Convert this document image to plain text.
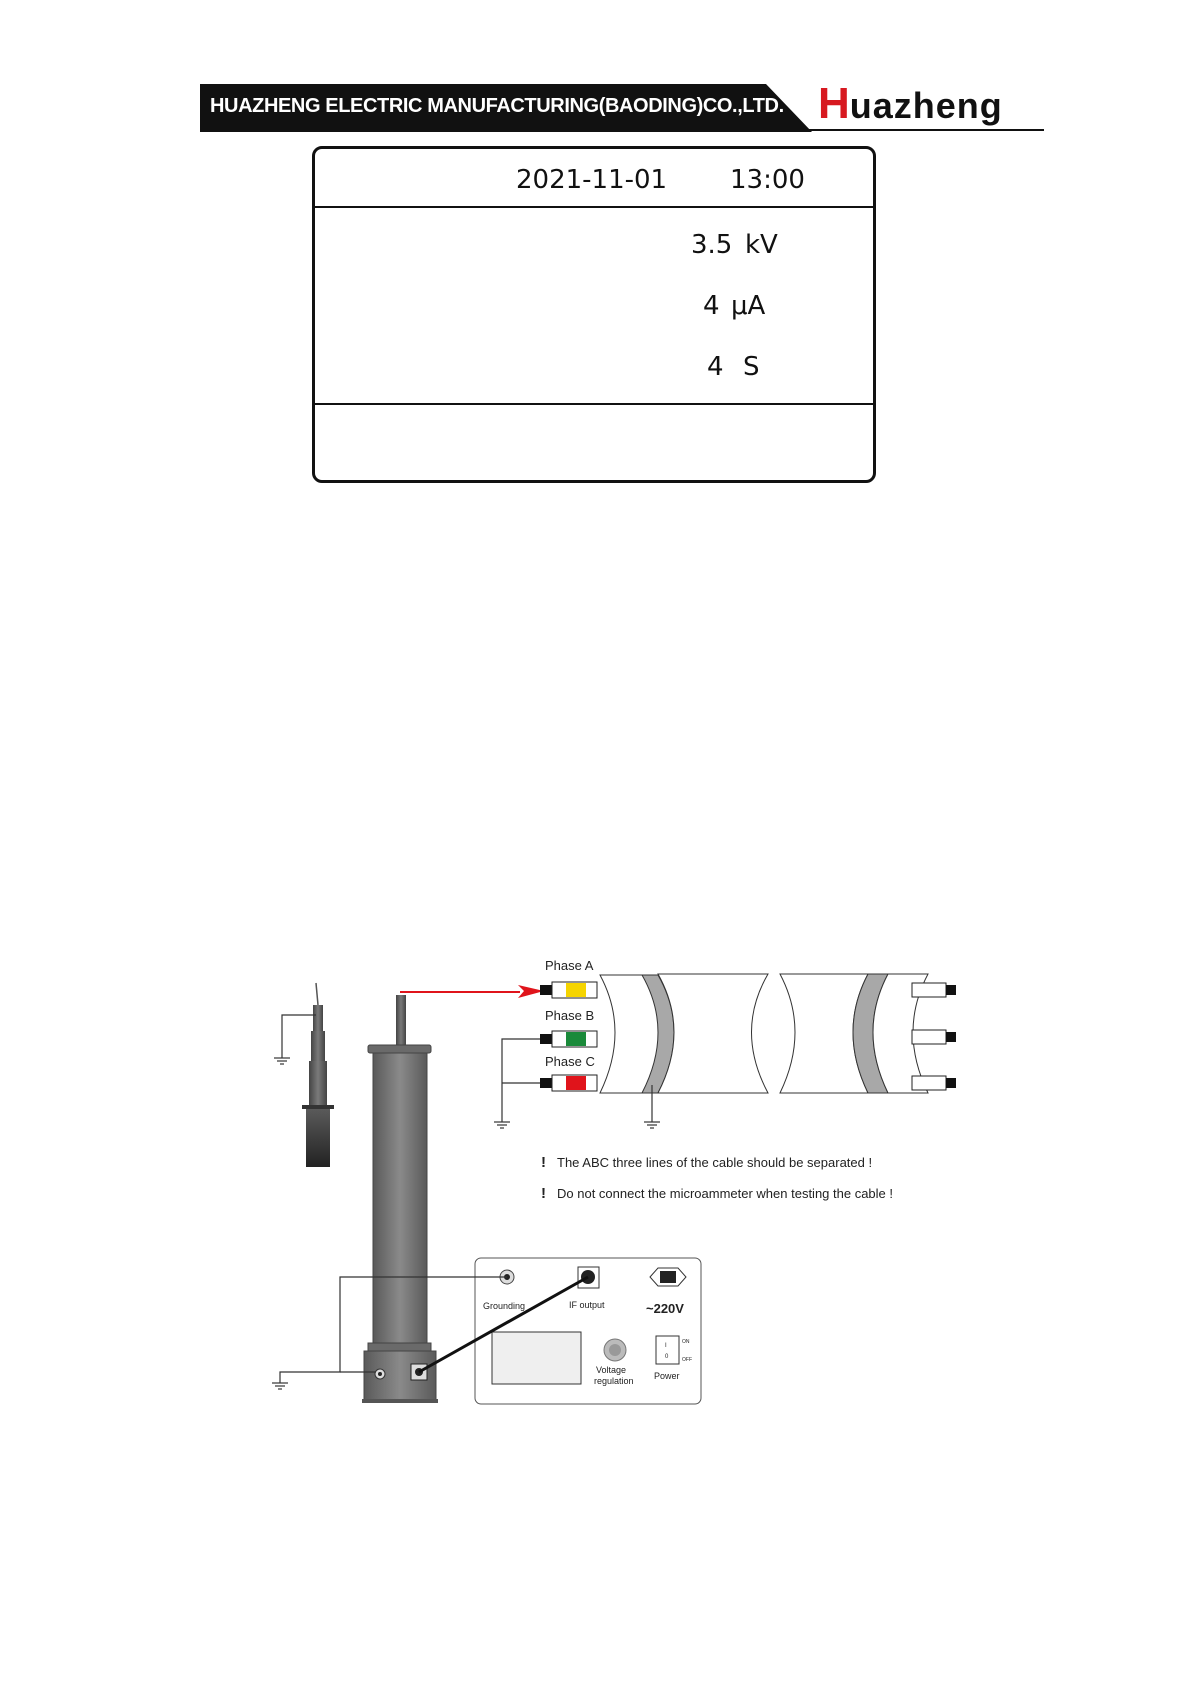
HUAZHENG ELECTRIC MANUFACTURING(BAODING)CO.,LTD. Huazheng
2021-11-01 13:00
3.5 kV
4 μA
4 S
Phase A
Phase B
Phase C
! The ABC three lines of the cable should be separated !
! Do not connect the microammeter when testing the cable !
Grounding	IF output	~220V
Voltage
regulation
I
0
ON
OFF
Power
